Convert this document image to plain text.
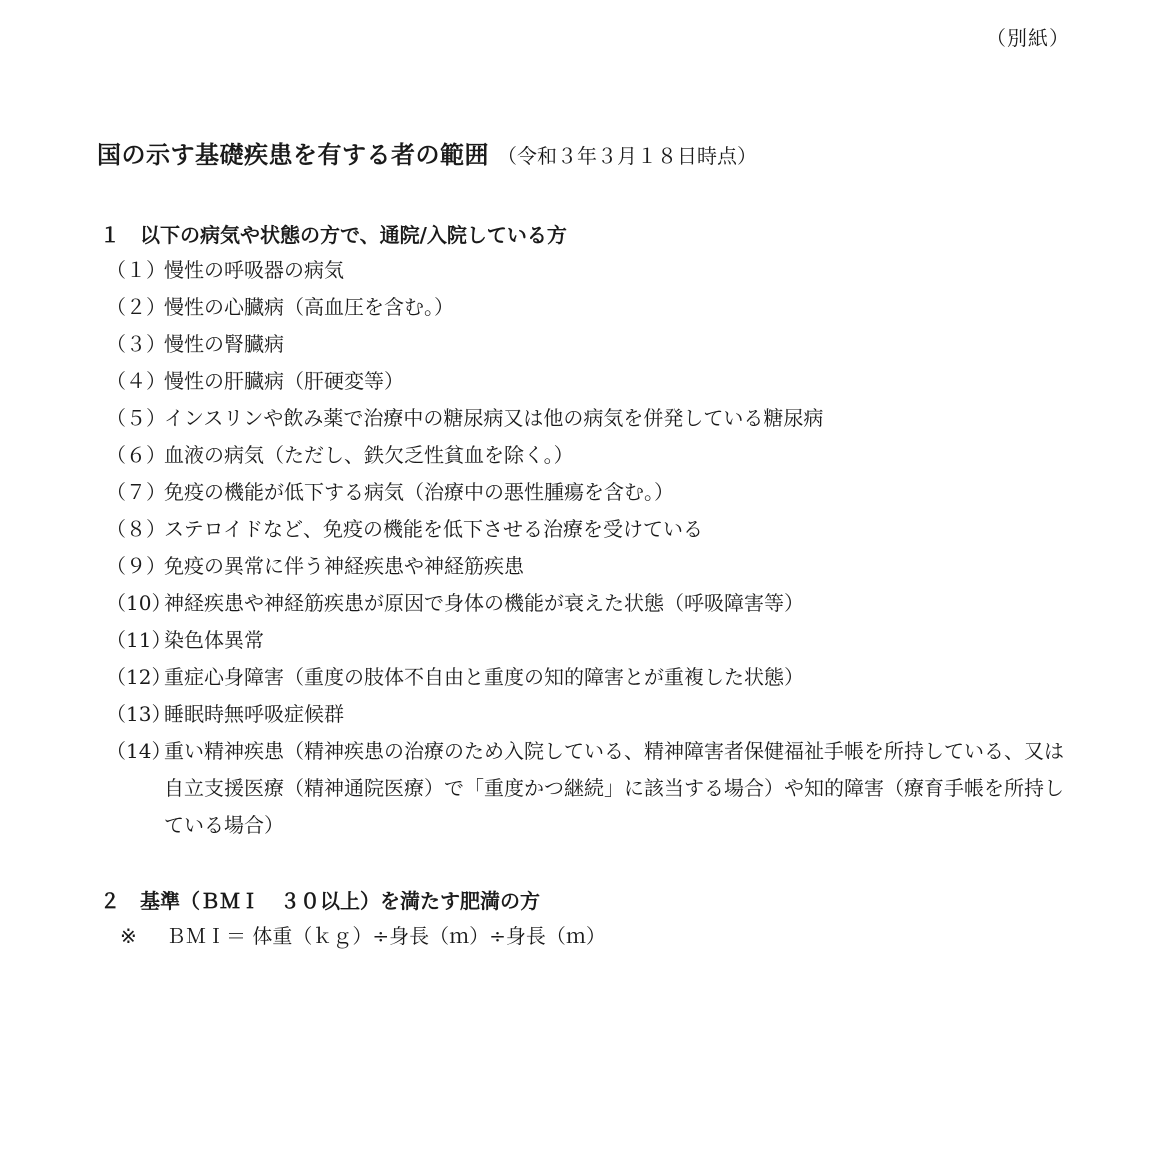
（別紙）
国の示す基礎疾患を有する者の範囲 （令和３年３月１８日時点）
１ 以下の病気や状態の方で、通院/入院している方
（１）
慢性の呼吸器の病気
（２）
慢性の心臓病（高血圧を含む。）
（３）
慢性の腎臓病
（４）
慢性の肝臓病（肝硬変等）
（５）
インスリンや飲み薬で治療中の糖尿病又は他の病気を併発している糖尿病
（６）
血液の病気（ただし、鉄欠乏性貧血を除く。）
（７）
免疫の機能が低下する病気（治療中の悪性腫瘍を含む。）
（８）
ステロイドなど、免疫の機能を低下させる治療を受けている
（９）
免疫の異常に伴う神経疾患や神経筋疾患
（10）
神経疾患や神経筋疾患が原因で身体の機能が衰えた状態（呼吸障害等）
（11）
染色体異常
（12）
重症心身障害（重度の肢体不自由と重度の知的障害とが重複した状態）
（13）
睡眠時無呼吸症候群
（14）
重い精神疾患（精神疾患の治療のため入院している、精神障害者保健福祉手帳を所持している、又は自立支援医療（精神通院医療）で「重度かつ継続」に該当する場合）や知的障害（療育手帳を所持している場合）
２ 基準（ＢＭＩ　３０以上）を満たす肥満の方
※ ＢＭＩ＝ 体重（ｋｇ）÷身長（ｍ）÷身長（ｍ）
